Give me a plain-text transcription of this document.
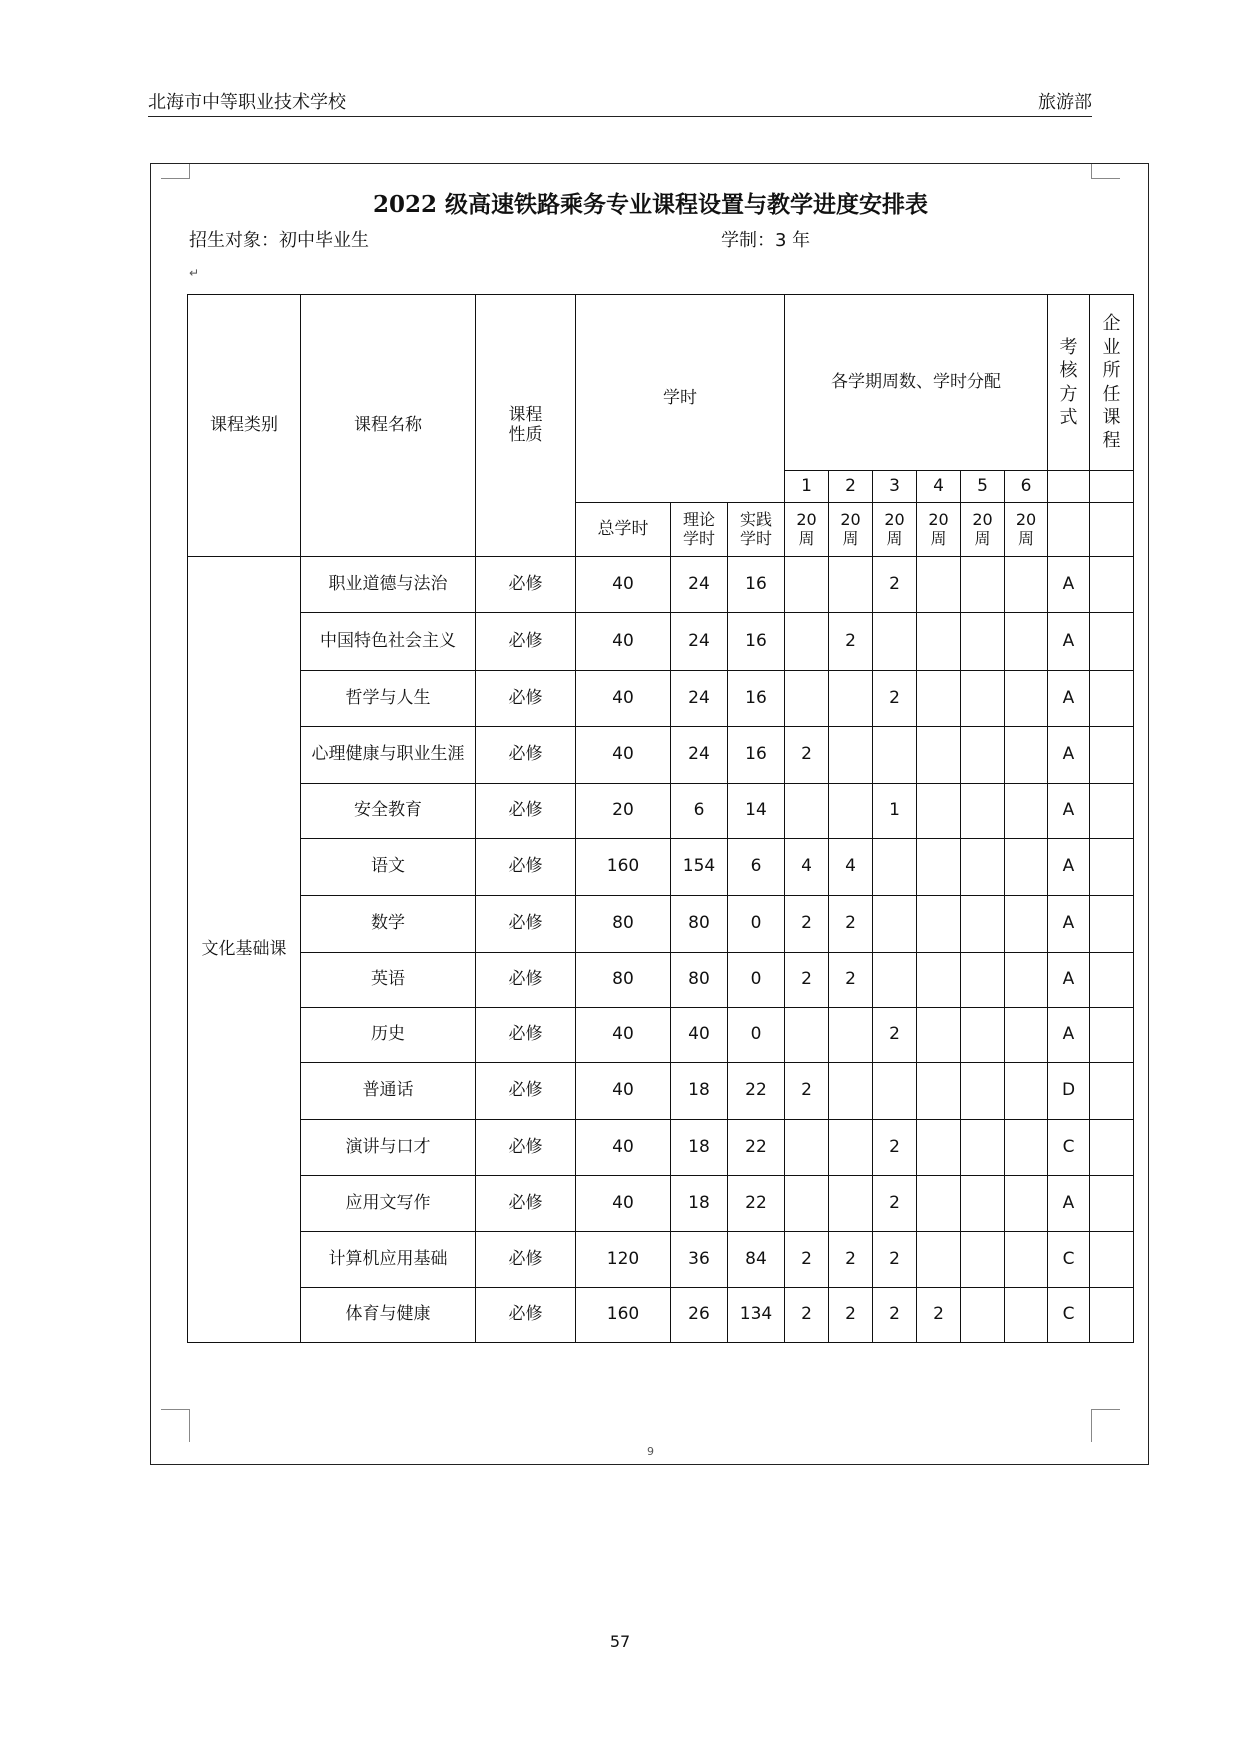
北海市中等职业技术学校	旅游部
2022 级高速铁路乘务专业课程设置与教学进度安排表
招生对象：初中毕业生	学制：3 年
↵
课程类别	课程名称	课程性质	学时			各学期周数、学时分配						考核方式	企业所任课程
						1	2	3	4	5	6		
			总学时	理论学时	实践学时	20周	20周	20周	20周	20周	20周		
文化基础课	职业道德与法治	必修	40	24	16			2				A	
	中国特色社会主义	必修	40	24	16		2					A	
	哲学与人生	必修	40	24	16			2				A	
	心理健康与职业生涯	必修	40	24	16	2						A	
	安全教育	必修	20	6	14			1				A	
	语文	必修	160	154	6	4	4					A	
	数学	必修	80	80	0	2	2					A	
	英语	必修	80	80	0	2	2					A	
	历史	必修	40	40	0			2				A	
	普通话	必修	40	18	22	2						D	
	演讲与口才	必修	40	18	22			2				C	
	应用文写作	必修	40	18	22			2				A	
	计算机应用基础	必修	120	36	84	2	2	2				C	
	体育与健康	必修	160	26	134	2	2	2	2			C	
9
57
